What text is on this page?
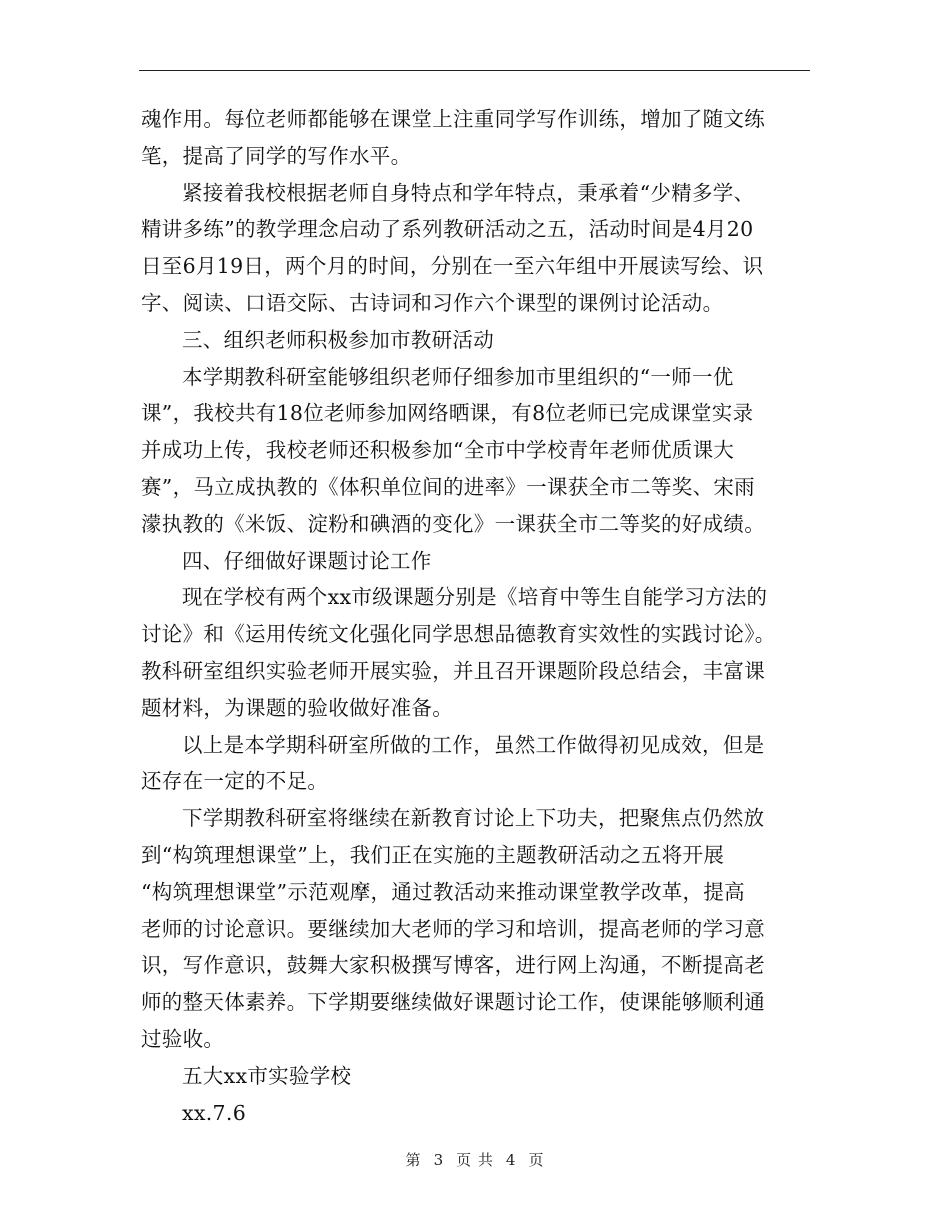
魂作用。每位老师都能够在课堂上注重同学写作训练，增加了随文练
笔，提高了同学的写作水平。
紧接着我校根据老师自身特点和学年特点，秉承着“少精多学、
精讲多练”的教学理念启动了系列教研活动之五，活动时间是4月20
日至6月19日，两个月的时间，分别在一至六年组中开展读写绘、识
字、阅读、口语交际、古诗词和习作六个课型的课例讨论活动。
三、组织老师积极参加市教研活动
本学期教科研室能够组织老师仔细参加市里组织的“一师一优
课”，我校共有18位老师参加网络晒课，有8位老师已完成课堂实录
并成功上传，我校老师还积极参加“全市中学校青年老师优质课大
赛”，马立成执教的《体积单位间的进率》一课获全市二等奖、宋雨
濛执教的《米饭、淀粉和碘酒的变化》一课获全市二等奖的好成绩。
四、仔细做好课题讨论工作
现在学校有两个xx市级课题分别是《培育中等生自能学习方法的
讨论》和《运用传统文化强化同学思想品德教育实效性的实践讨论》。
教科研室组织实验老师开展实验，并且召开课题阶段总结会，丰富课
题材料，为课题的验收做好准备。
以上是本学期科研室所做的工作，虽然工作做得初见成效，但是
还存在一定的不足。
下学期教科研室将继续在新教育讨论上下功夫，把聚焦点仍然放
到“构筑理想课堂”上，我们正在实施的主题教研活动之五将开展
“构筑理想课堂”示范观摩，通过教活动来推动课堂教学改革，提高
老师的讨论意识。要继续加大老师的学习和培训，提高老师的学习意
识，写作意识，鼓舞大家积极撰写博客，进行网上沟通，不断提高老
师的整天体素养。下学期要继续做好课题讨论工作，使课能够顺利通
过验收。
五大xx市实验学校
xx.7.6
第 3 页 共 4 页
